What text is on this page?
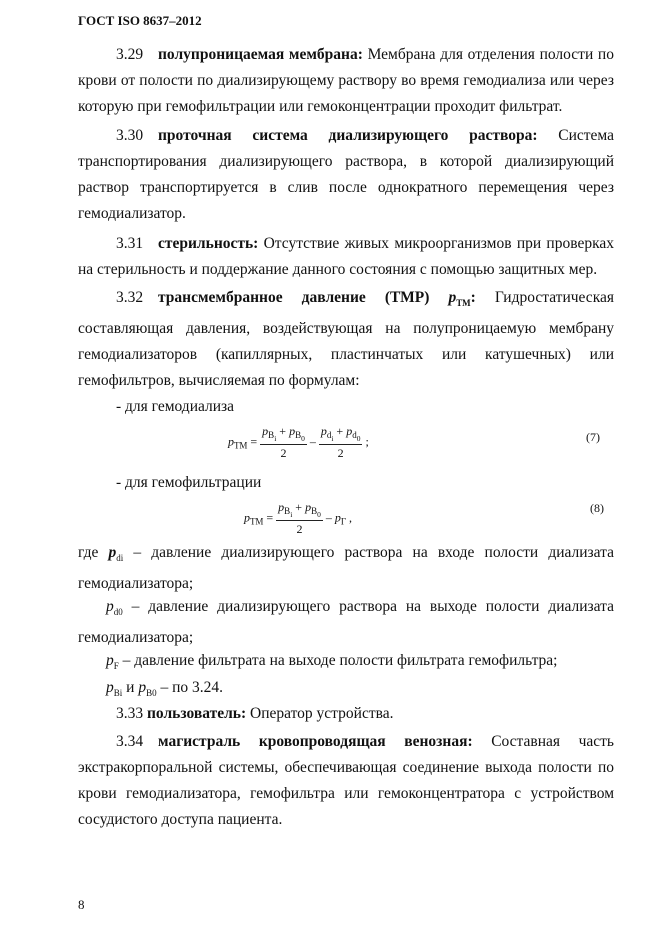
ГОСТ ISO 8637–2012

3.29 полупроницаемая мембрана: Мембрана для отделения полости по крови от полости по диализирующему раствору во время гемодиализа или через которую при гемофильтрации или гемоконцентрации проходит фильтрат.

3.30 проточная система диализирующего раствора: Система транспортирования диализирующего раствора, в которой диализирующий раствор транспортируется в слив после однократного перемещения через гемодиализатор.

3.31 стерильность: Отсутствие живых микроорганизмов при проверках на стерильность и поддержание данного состояния с помощью защитных мер.

3.32 трансмембранное давление (ТМР) $p_{ТМ}$: Гидростатическая составляющая давления, воздействующая на полупроницаемую мембрану гемодиализаторов (капиллярных, пластинчатых или катушечных) или гемофильтров, вычисляемая по формулам:

- для гемодиализа
$p_{ТМ} = \frac{p_{B_i} + p_{B_0}}{2} - \frac{p_{d_i} + p_{d_0}}{2}$ ;	(7)
- для гемофильтрации
$p_{ТМ} = \frac{p_{B_i} + p_{B_0}}{2} - p_Г$ ,
(8)

где $p_{di}$ – давление диализирующего раствора на входе полости диализата гемодиализатора;

$p_{d0}$ – давление диализирующего раствора на выходе полости диализата гемодиализатора;

$p_F$ – давление фильтрата на выходе полости фильтрата гемофильтра;
$p_{Bi}$ и $p_{B0}$ – по 3.24.
3.33 пользователь: Оператор устройства.

3.34 магистраль кровопроводящая венозная: Составная часть экстракорпоральной системы, обеспечивающая соединение выхода полости по крови гемодиализатора, гемофильтра или гемоконцентратора с устройством сосудистого доступа пациента.

8
